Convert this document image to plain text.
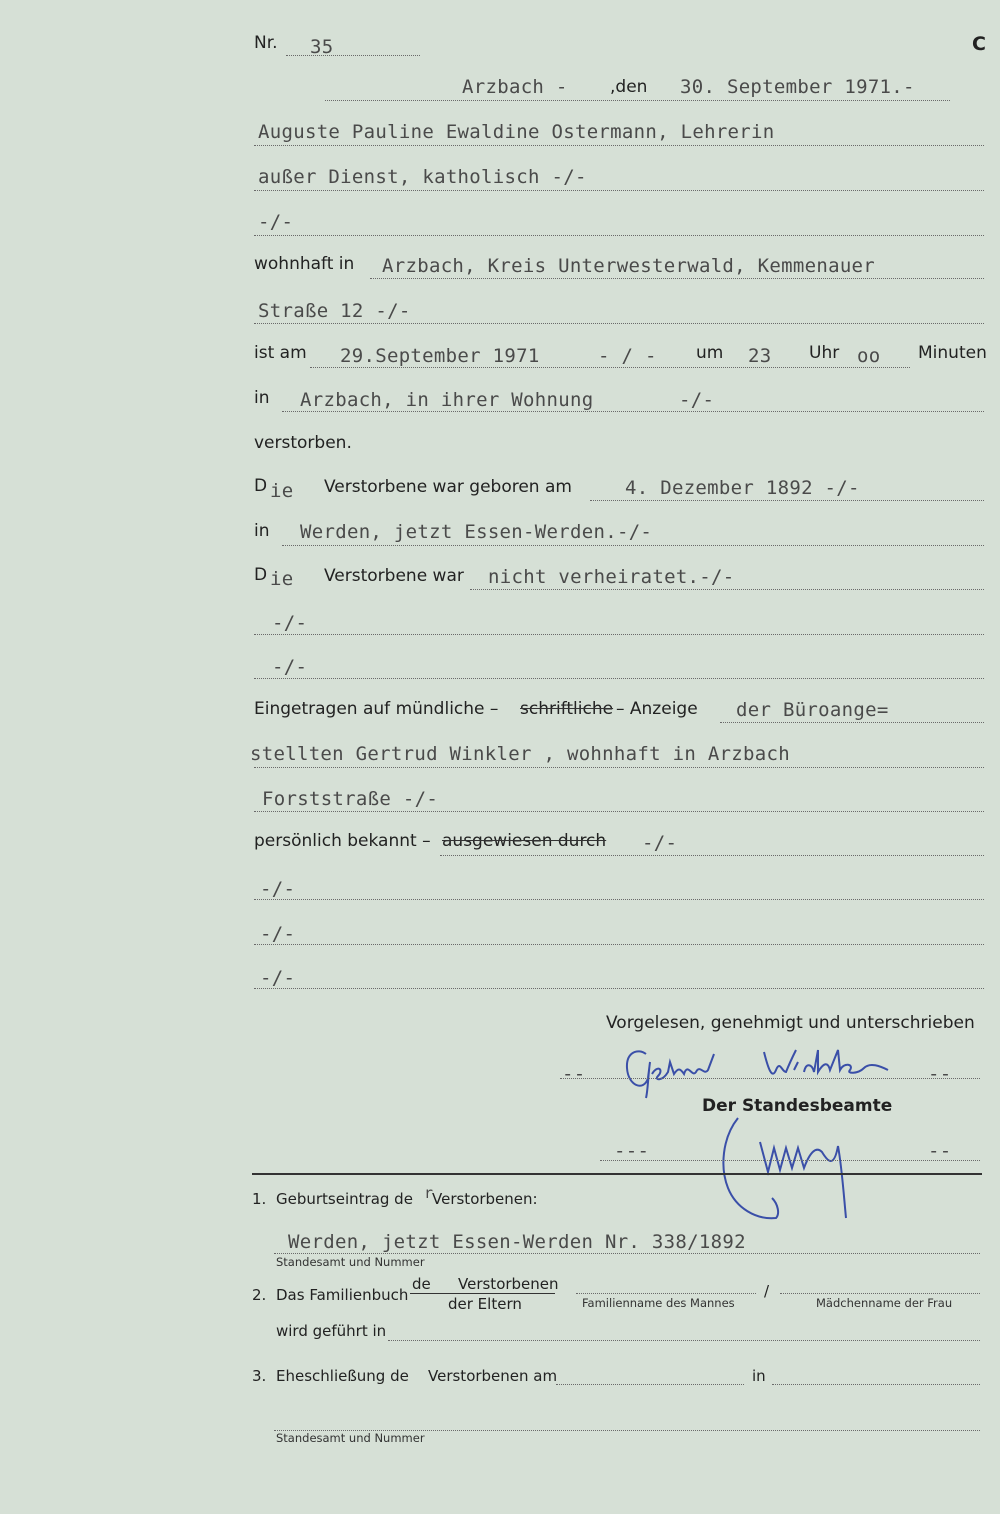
Nr. 35	C
Arzbach - ,den 30. September 1971.-
Auguste Pauline Ewaldine Ostermann, Lehrerin
außer Dienst, katholisch -/-
-/-
wohnhaft in Arzbach, Kreis Unterwesterwald, Kemmenauer
Straße 12 -/-
ist am 29.September 1971	- / - um 23 Uhr oo Minuten
in Arzbach, in ihrer Wohnung	-/-
verstorben.
D ie Verstorbene war geboren am	4. Dezember 1892 -/-
in Werden, jetzt Essen-Werden.-/-
D ie Verstorbene war nicht verheiratet.-/-
-/-
-/-
Eingetragen auf mündliche – schriftliche – Anzeige der Büroange=
stellten Gertrud Winkler , wohnhaft in Arzbach
Forststraße -/-
persönlich bekannt – ausgewiesen durch -/-
-/-
-/-
-/-
Vorgelesen, genehmigt und unterschrieben
--	--
Der Standesbeamte
---	--
1. Geburtseintrag de r
Verstorbenen:
Werden, jetzt Essen-Werden Nr. 338/1892
Standesamt und Nummer
2. Das Familienbuch
de Verstorbenen
der Eltern	Familienname des Mannes
/
Mädchenname der Frau
wird geführt in
3. Eheschließung de Verstorbenen am	in
Standesamt und Nummer
